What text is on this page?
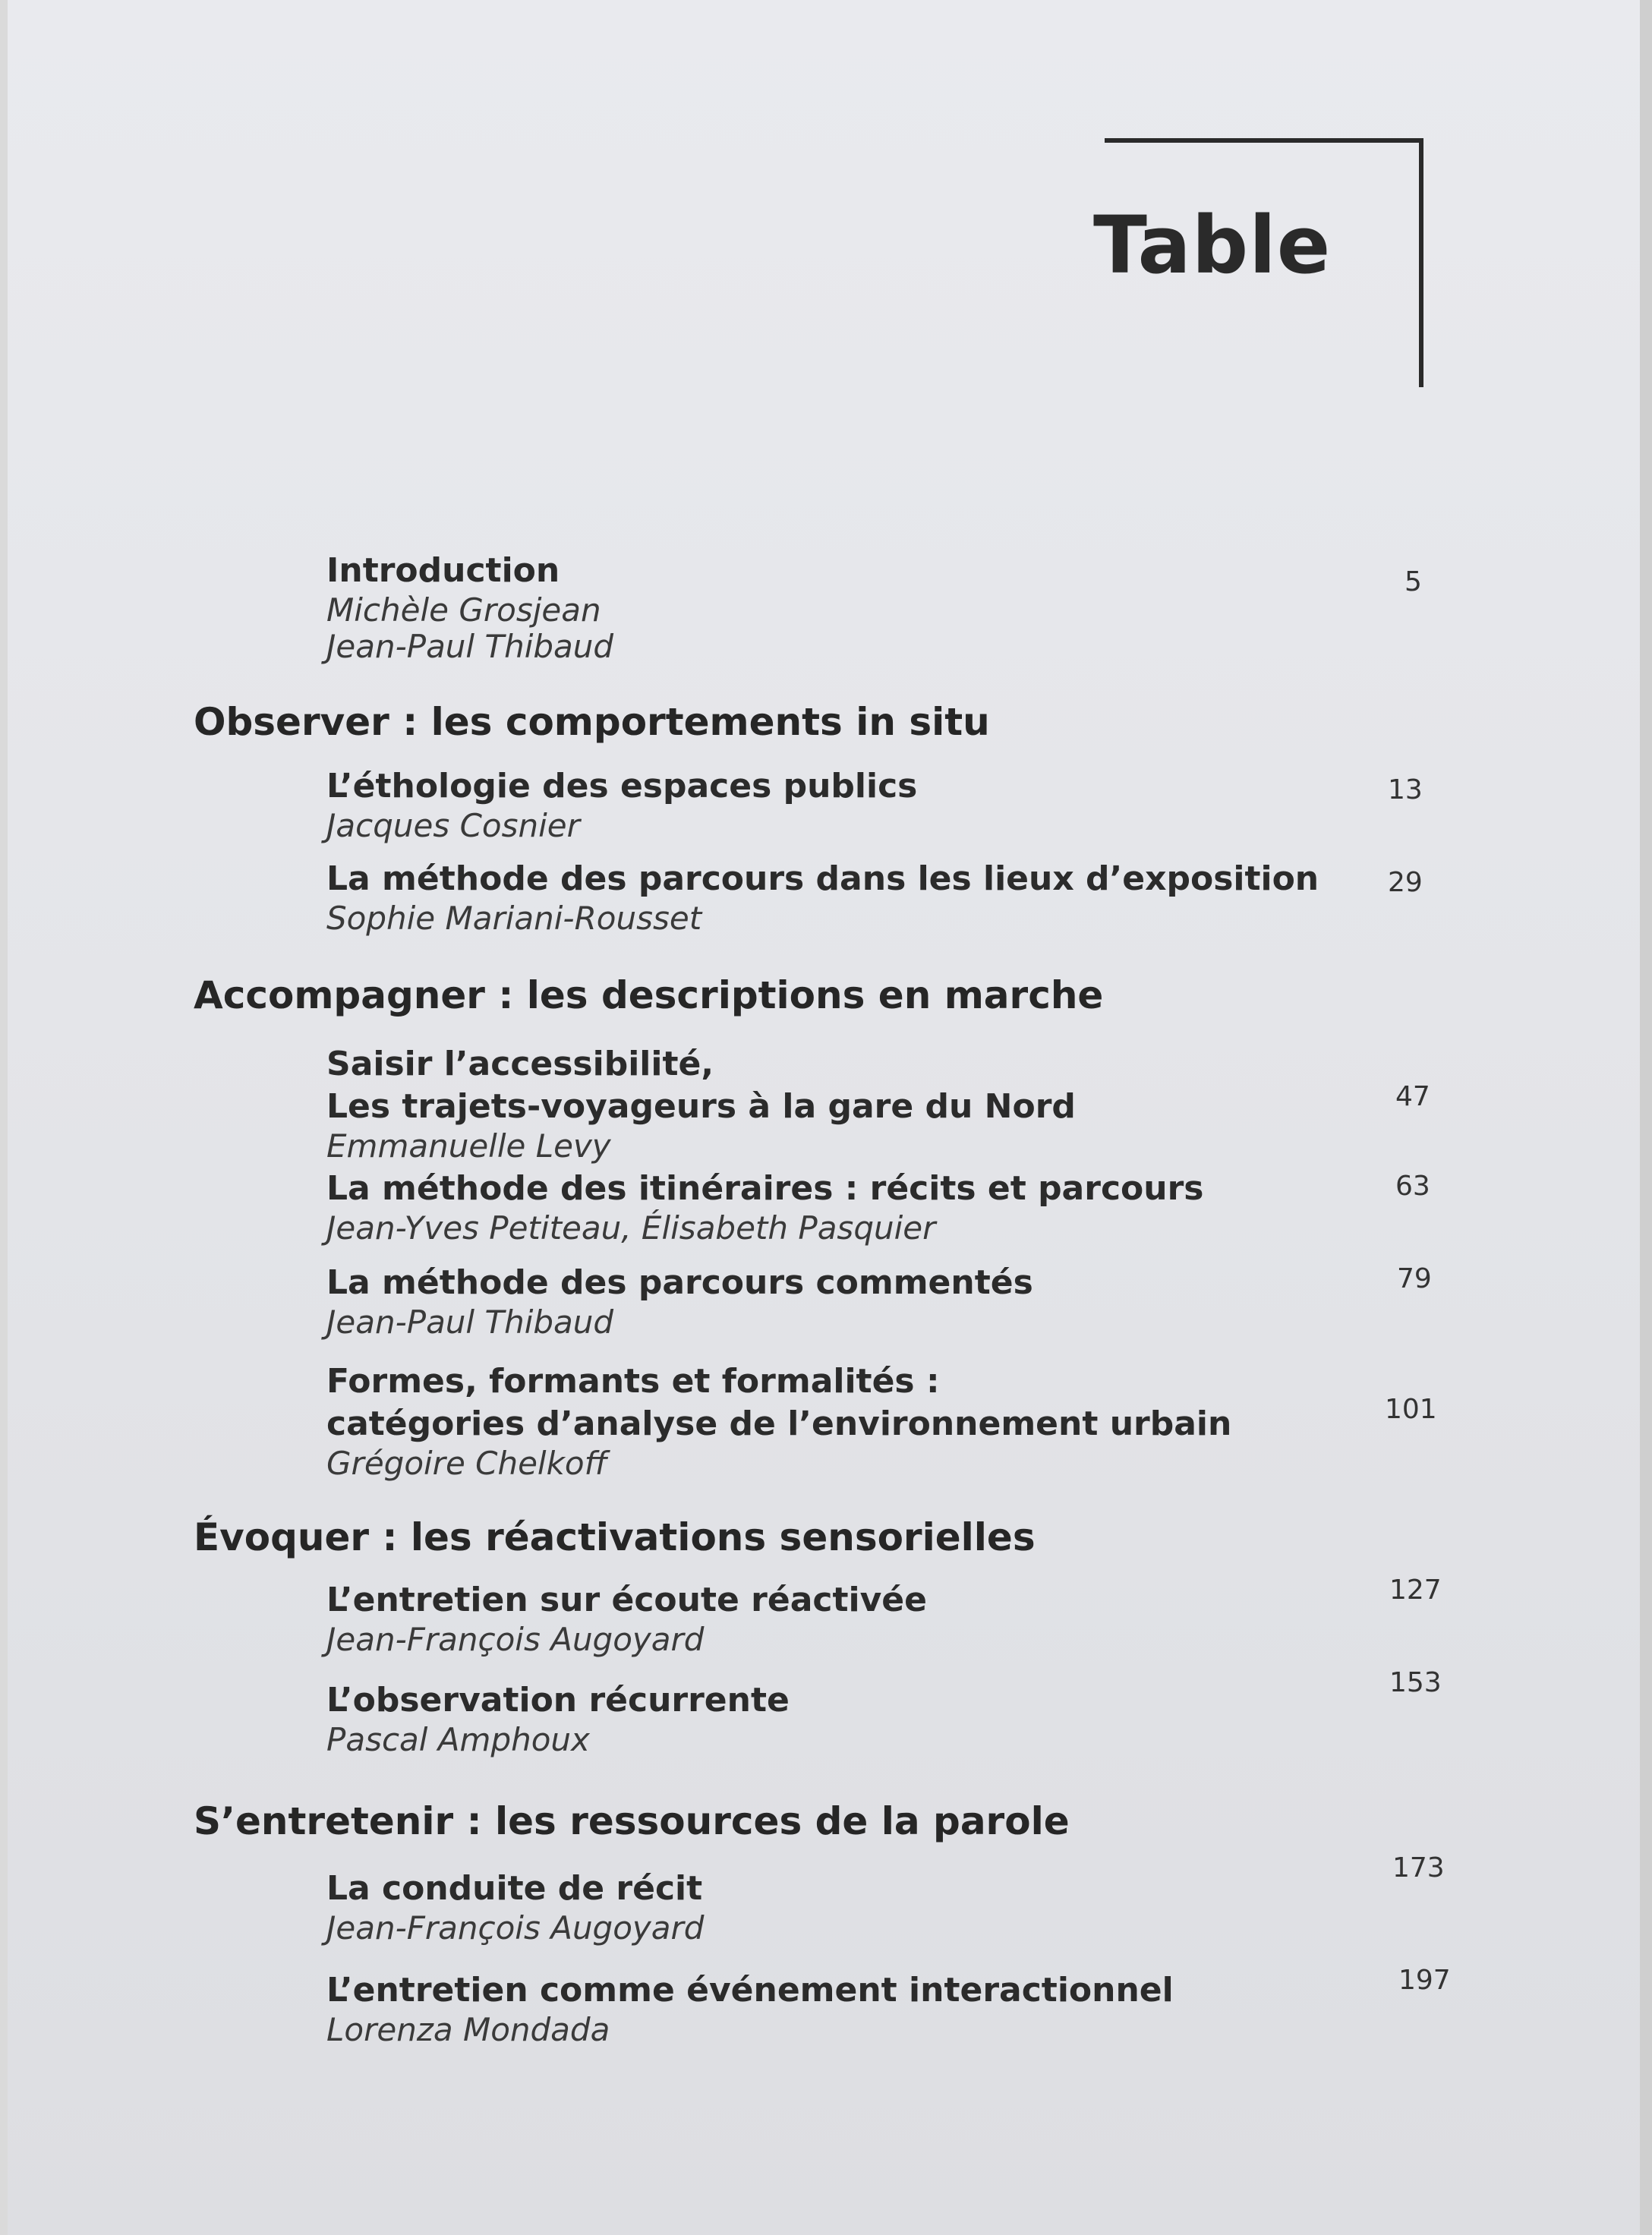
Table
Introduction
Michèle Grosjean
Jean-Paul Thibaud
5
Observer : les comportements in situ
L’éthologie des espaces publics
Jacques Cosnier
13
La méthode des parcours dans les lieux d’exposition
Sophie Mariani-Rousset
29
Accompagner : les descriptions en marche
Saisir l’accessibilité,
Les trajets-voyageurs à la gare du Nord
Emmanuelle Levy
47
La méthode des itinéraires : récits et parcours
Jean-Yves Petiteau, Élisabeth Pasquier
63
La méthode des parcours commentés
Jean-Paul Thibaud
79
Formes, formants et formalités :
catégories d’analyse de l’environnement urbain
Grégoire Chelkoff
101
Évoquer : les réactivations sensorielles
L’entretien sur écoute réactivée
Jean-François Augoyard
127
L’observation récurrente
Pascal Amphoux
153
S’entretenir : les ressources de la parole
La conduite de récit
Jean-François Augoyard
173
L’entretien comme événement interactionnel
Lorenza Mondada
197
